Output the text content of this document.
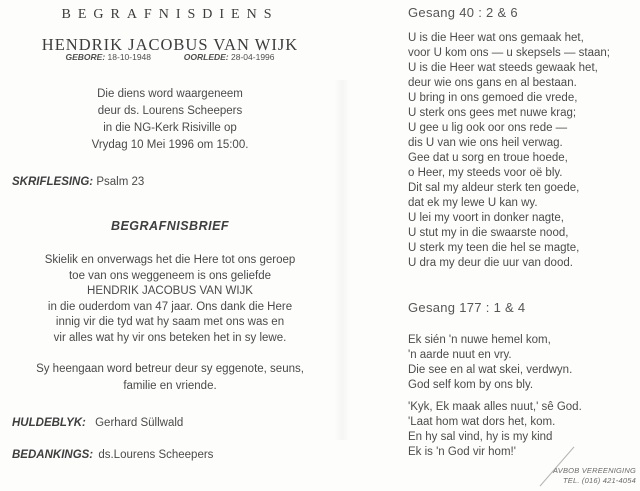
BEGRAFNISDIENS
HENDRIK JACOBUS VAN WIJK
GEBORE: 18-10-1948	OORLEDE: 28-04-1996
Die diens word waargeneem
deur ds. Lourens Scheepers
in die NG-Kerk Risiville op
Vrydag 10 Mei 1996 om 15:00.
SKRIFLESING: Psalm 23
BEGRAFNISBRIEF
Skielik en onverwags het die Here tot ons geroep
toe van ons weggeneem is ons geliefde
HENDRIK JACOBUS VAN WIJK
in die ouderdom van 47 jaar. Ons dank die Here
innig vir die tyd wat hy saam met ons was en
vir alles wat hy vir ons beteken het in sy lewe.
Sy heengaan word betreur deur sy eggenote, seuns,
familie en vriende.
HULDEBLYK: Gerhard Süllwald
BEDANKINGS: ds.Lourens Scheepers
Gesang 40 : 2 & 6
U is die Heer wat ons gemaak het,
voor U kom ons — u skepsels — staan;
U is die Heer wat steeds gewaak het,
deur wie ons gans en al bestaan.
U bring in ons gemoed die vrede,
U sterk ons gees met nuwe krag;
U gee u lig ook oor ons rede —
dis U van wie ons heil verwag.
Gee dat u sorg en troue hoede,
o Heer, my steeds voor oë bly.
Dit sal my aldeur sterk ten goede,
dat ek my lewe U kan wy.
U lei my voort in donker nagte,
U stut my in die swaarste nood,
U sterk my teen die hel se magte,
U dra my deur die uur van dood.
Gesang 177 : 1 & 4
Ek sién 'n nuwe hemel kom,
'n aarde nuut en vry.
Die see en al wat skei, verdwyn.
God self kom by ons bly.
'Kyk, Ek maak alles nuut,' sê God.
'Laat hom wat dors het, kom.
En hy sal vind, hy is my kind
Ek is 'n God vir hom!'
AVBOB VEREENIGING
TEL. (016) 421-4054
